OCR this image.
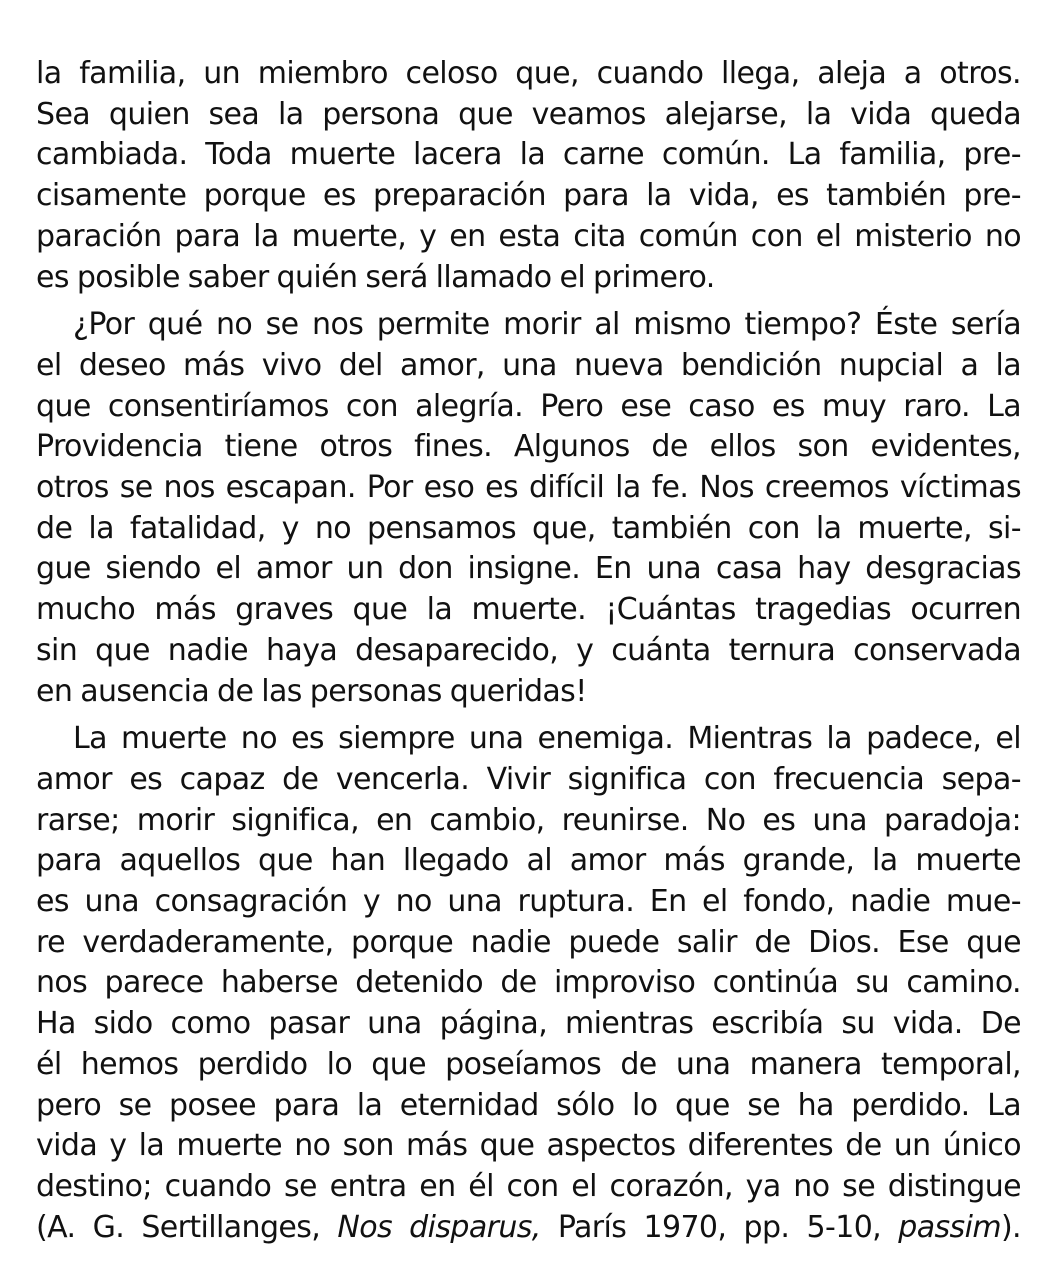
la familia, un miembro celoso que, cuando llega, aleja a otros.
Sea quien sea la persona que veamos alejarse, la vida queda
cambiada. Toda muerte lacera la carne común. La familia, pre-
cisamente porque es preparación para la vida, es también pre-
paración para la muerte, y en esta cita común con el misterio no
es posible saber quién será llamado el primero.

¿Por qué no se nos permite morir al mismo tiempo? Éste sería
el deseo más vivo del amor, una nueva bendición nupcial a la
que consentiríamos con alegría. Pero ese caso es muy raro. La
Providencia tiene otros fines. Algunos de ellos son evidentes,
otros se nos escapan. Por eso es difícil la fe. Nos creemos víctimas
de la fatalidad, y no pensamos que, también con la muerte, si-
gue siendo el amor un don insigne. En una casa hay desgracias
mucho más graves que la muerte. ¡Cuántas tragedias ocurren
sin que nadie haya desaparecido, y cuánta ternura conservada
en ausencia de las personas queridas!

La muerte no es siempre una enemiga. Mientras la padece, el
amor es capaz de vencerla. Vivir significa con frecuencia sepa-
rarse; morir significa, en cambio, reunirse. No es una paradoja:
para aquellos que han llegado al amor más grande, la muerte
es una consagración y no una ruptura. En el fondo, nadie mue-
re verdaderamente, porque nadie puede salir de Dios. Ese que
nos parece haberse detenido de improviso continúa su camino.
Ha sido como pasar una página, mientras escribía su vida. De
él hemos perdido lo que poseíamos de una manera temporal,
pero se posee para la eternidad sólo lo que se ha perdido. La
vida y la muerte no son más que aspectos diferentes de un único
destino; cuando se entra en él con el corazón, ya no se distingue
(A. G. Sertillanges, Nos disparus, París 1970, pp. 5-10, passim).
